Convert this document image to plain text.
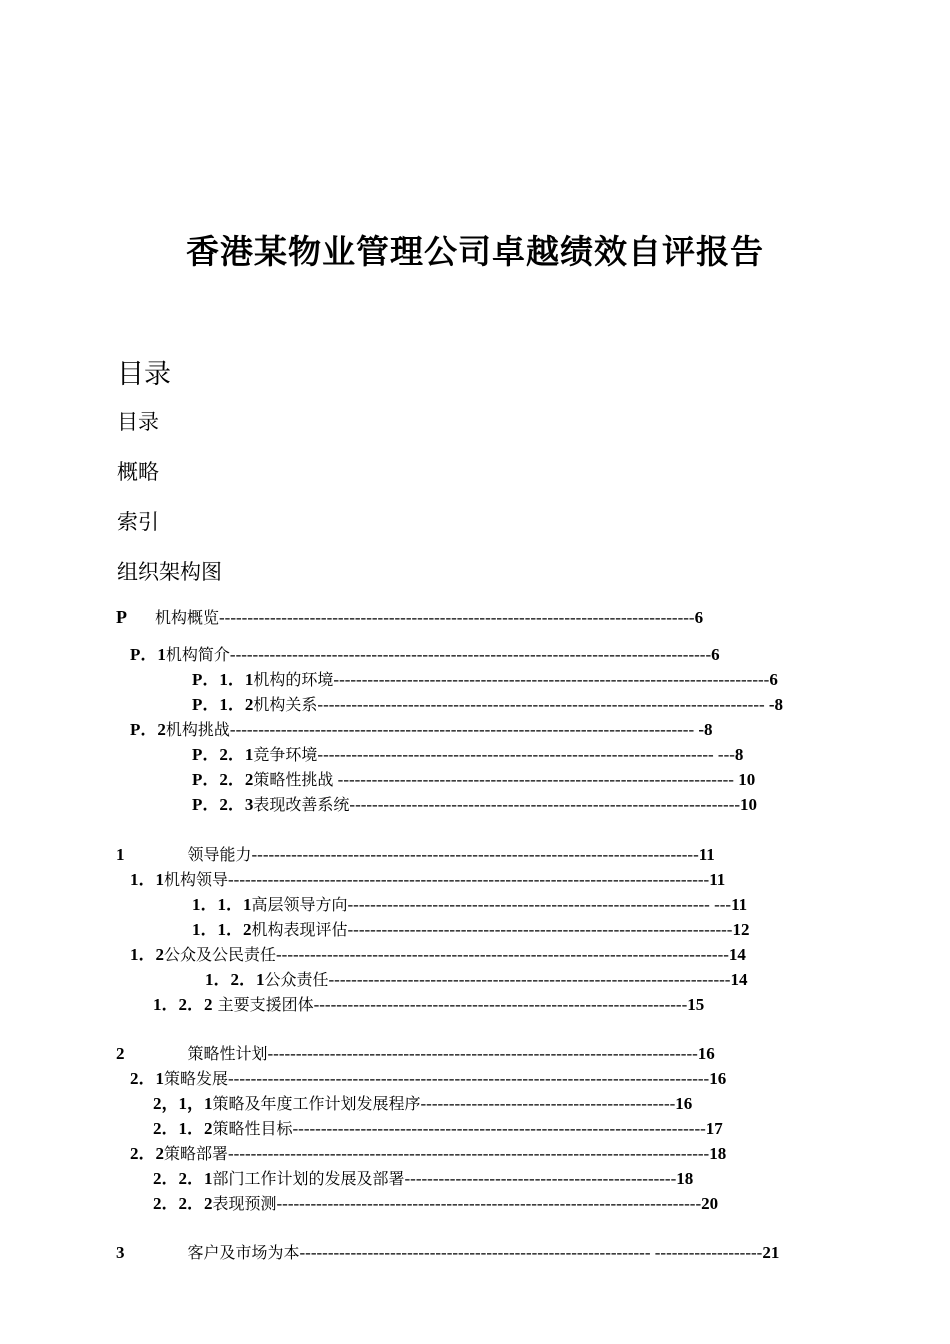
香港某物业管理公司卓越绩效自评报告
目录
目录
概略
索引
组织架构图
P 机构概览------------------------------------------------------------------------------------6
P．1机构简介-------------------------------------------------------------------------------------6
P．1．1机构的环境-----------------------------------------------------------------------------6
P．1．2机构关系------------------------------------------------------------------------------- -8
P．2机构挑战---------------------------------------------------------------------------------- -8
P．2．1竞争环境---------------------------------------------------------------------- ---8
P．2．2策略性挑战 ---------------------------------------------------------------------- 10
P．2．3表现改善系统---------------------------------------------------------------------10
1	领导能力-------------------------------------------------------------------------------11
1．1机构领导-------------------------------------------------------------------------------------11
1．1．1高层领导方向---------------------------------------------------------------- ---11
1．1．2机构表现评估--------------------------------------------------------------------12
1．2公众及公民责任--------------------------------------------------------------------------------14
1．2．1公众责任-----------------------------------------------------------------------14
1．2．2 主要支援团体------------------------------------------------------------------15
2	策略性计划----------------------------------------------------------------------------16
2．1策略发展-------------------------------------------------------------------------------------16
2，1，1策略及年度工作计划发展程序---------------------------------------------16
2．1．2策略性目标-------------------------------------------------------------------------17
2．2策略部署-------------------------------------------------------------------------------------18
2．2．1部门工作计划的发展及部署------------------------------------------------18
2．2．2表现预测---------------------------------------------------------------------------20
3	客户及市场为本-------------------------------------------------------------- -------------------21
